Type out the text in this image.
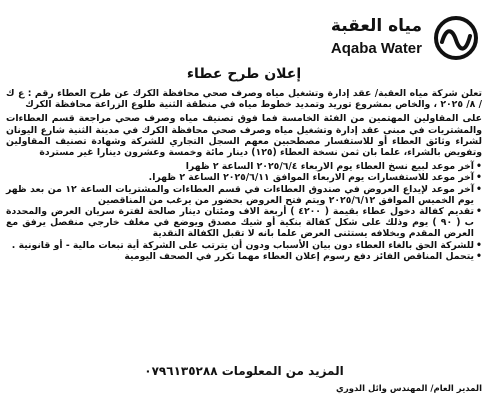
مياه العقبة
Aqaba Water
إعلان طرح عطاء

تعلن شركة مياه العقبة/ عقد إدارة وتشغيل مياه وصرف صحي محافظة الكرك عن طرح العطاء رقم : ع ك / ٨/ ٢٠٢٥ ، والخاص بمشروع توريد وتمديد خطوط مياه في منطقة الثنية طلوع الزراعة محافظة الكرك

على المقاولين المهتمين من الفئة الخامسة فما فوق تصنيف مياه وصرف صحي مراجعة قسم العطاءات والمشتريات في مبنى عقد إدارة وتشغيل مياه وصرف صحي محافظة الكرك في مدينة الثنية شارع اليونان لشراء وثائق العطاء أو للاستفسار مصطحبين معهم السجل التجاري للشركة وشهادة تصنيف المقاولين وتفويض بالشراء، علما بان ثمن نسخة العطاء (١٢٥) دينار مائة وخمسة وعشرون دينارا غير مستردة

• آخر موعد لبيع نسخ العطاء يوم الاربعاء ٢٠٢٥/٦/٤ الساعة ٢ ظهرا
• آخر موعد للاستفسارات يوم الاربعاء الموافق ٢٠٢٥/٦/١١ الساعة ٢ ظهرا.
• آخر موعد لإيداع العروض في صندوق العطاءات في قسم العطاءات والمشتريات الساعة ١٢ من بعد ظهر يوم الخميس الموافق ٢٠٢٥/٦/١٢ ويتم فتح العروض بحضور من يرغب من المناقصين
• تقديم كفالة دخول عطاء بقيمة ( ٤٢٠٠ ) أربعة الاف ومئتان دينار صالحة لفترة سريان العرض والمحددة ب ( ٩٠ ) يوم وذلك على شكل كفالة بنكية أو شيك مصدق ويوضع في مغلف خارجي منفصل يرفق مع العرض المقدم وبخلافه يستثنى العرض علما بانه لا تقبل الكفالة النقدية
• للشركة الحق بالغاء العطاء دون بيان الأسباب ودون أن يترتب على الشركة أية تبعات مالية - أو قانونية .
• يتحمل المناقص الفائز دفع رسوم إعلان العطاء مهما تكرر في الصحف اليومية
المزيد من المعلومات ٠٧٩٦١٣٥٢٨٨
المدير العام/ المهندس وائل الدوري
